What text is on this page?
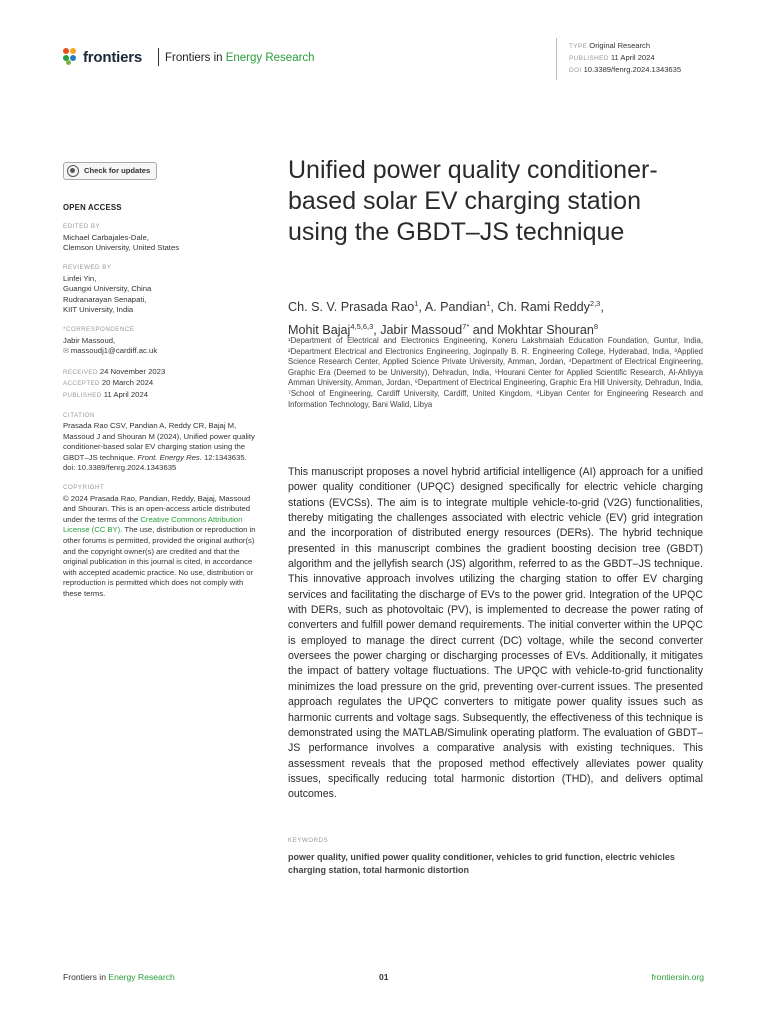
frontiers Frontiers in Energy Research
TYPE Original Research
PUBLISHED 11 April 2024
DOI 10.3389/fenrg.2024.1343635
Check for updates
OPEN ACCESS
EDITED BY
Michael Carbajales-Dale,
Clemson University, United States
REVIEWED BY
Linfei Yin,
Guangxi University, China
Rudranarayan Senapati,
KIIT University, India
*CORRESPONDENCE
Jabir Massoud,
✉ massoudj1@cardiff.ac.uk
RECEIVED 24 November 2023
ACCEPTED 20 March 2024
PUBLISHED 11 April 2024
CITATION
Prasada Rao CSV, Pandian A, Reddy CR, Bajaj M, Massoud J and Shouran M (2024), Unified power quality conditioner-based solar EV charging station using the GBDT–JS technique. Front. Energy Res. 12:1343635.
doi: 10.3389/fenrg.2024.1343635
COPYRIGHT
© 2024 Prasada Rao, Pandian, Reddy, Bajaj, Massoud and Shouran. This is an open-access article distributed under the terms of the Creative Commons Attribution License (CC BY). The use, distribution or reproduction in other forums is permitted, provided the original author(s) and the copyright owner(s) are credited and that the original publication in this journal is cited, in accordance with accepted academic practice. No use, distribution or reproduction is permitted which does not comply with these terms.
Unified power quality conditioner-based solar EV charging station using the GBDT–JS technique
Ch. S. V. Prasada Rao$^1$, A. Pandian$^1$, Ch. Rami Reddy$^{2,3}$,
Mohit Bajaj$^{4,5,6,3}$, Jabir Massoud$^{7*}$ and Mokhtar Shouran$^8$
¹Department of Electrical and Electronics Engineering, Koneru Lakshmaiah Education Foundation, Guntur, India, ²Department Electrical and Electronics Engineering, Joginpally B. R. Engineering College, Hyderabad, India, ³Applied Science Research Center, Applied Science Private University, Amman, Jordan, ⁴Department of Electrical Engineering, Graphic Era (Deemed to be University), Dehradun, India, ⁵Hourani Center for Applied Scientific Research, Al-Ahliyya Amman University, Amman, Jordan, ⁶Department of Electrical Engineering, Graphic Era Hill University, Dehradun, India, ⁷School of Engineering, Cardiff University, Cardiff, United Kingdom, ⁸Libyan Center for Engineering Research and Information Technology, Bani Walid, Libya
This manuscript proposes a novel hybrid artificial intelligence (AI) approach for a unified power quality conditioner (UPQC) designed specifically for electric vehicle charging stations (EVCSs). The aim is to integrate multiple vehicle-to-grid (V2G) functionalities, thereby mitigating the challenges associated with electric vehicle (EV) grid integration and the incorporation of distributed energy resources (DERs). The hybrid technique presented in this manuscript combines the gradient boosting decision tree (GBDT) algorithm and the jellyfish search (JS) algorithm, referred to as the GBDT–JS technique. This innovative approach involves utilizing the charging station to offer EV charging services and facilitating the discharge of EVs to the power grid. Integration of the UPQC with DERs, such as photovoltaic (PV), is implemented to decrease the power rating of converters and fulfill power demand requirements. The initial converter within the UPQC is employed to manage the direct current (DC) voltage, while the second converter oversees the power charging or discharging processes of EVs. Additionally, it mitigates the impact of battery voltage fluctuations. The UPQC with vehicle-to-grid functionality minimizes the load pressure on the grid, preventing over-current issues. The presented approach regulates the UPQC converters to mitigate power quality issues such as harmonic currents and voltage sags. Subsequently, the effectiveness of this technique is demonstrated using the MATLAB/Simulink operating platform. The evaluation of GBDT–JS performance involves a comparative analysis with existing techniques. This assessment reveals that the proposed method effectively alleviates power quality issues, specifically reducing total harmonic distortion (THD), and delivers optimal outcomes.
KEYWORDS
power quality, unified power quality conditioner, vehicles to grid function, electric vehicles charging station, total harmonic distortion
Frontiers in Energy Research	01	frontiersin.org
